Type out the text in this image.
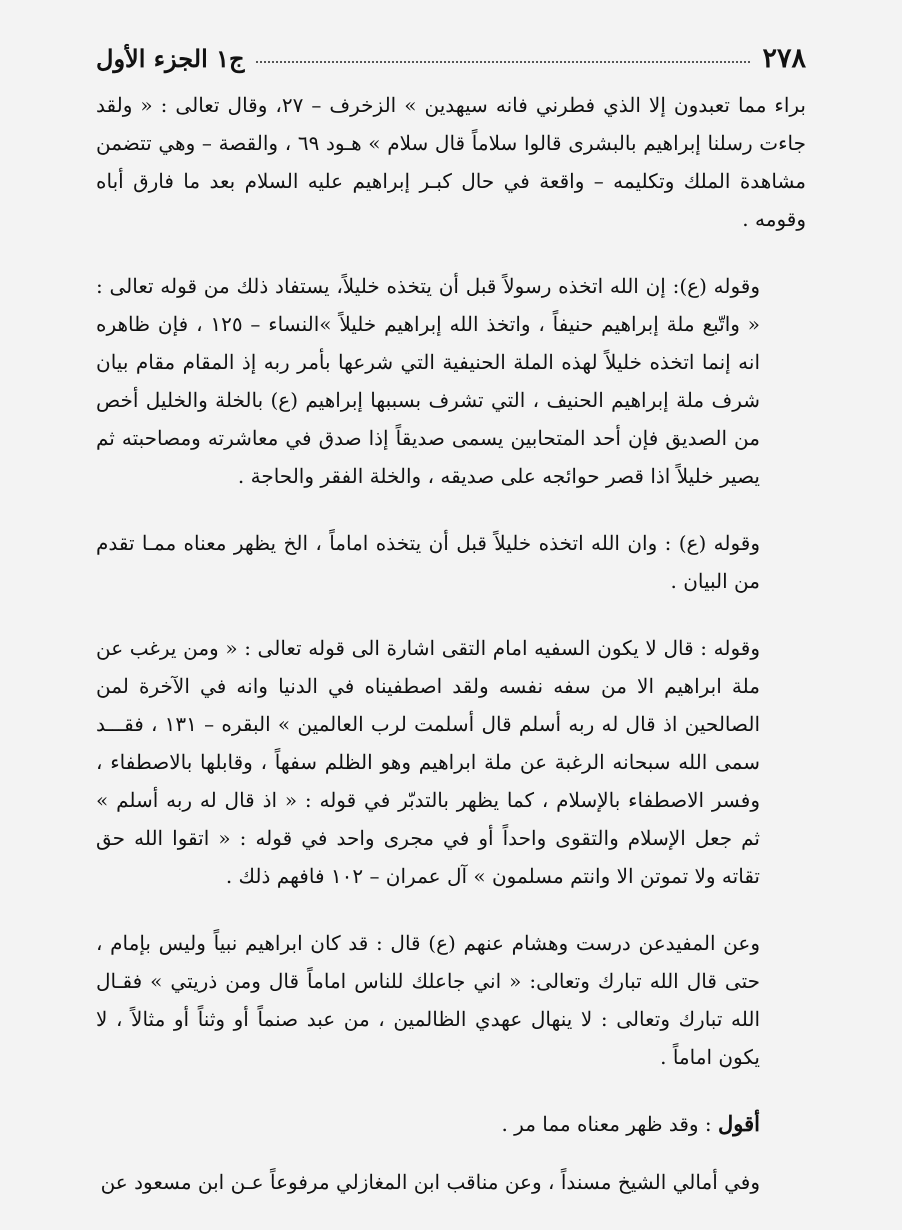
٢٧٨
ج١ الجزء الأول

براء مما تعبدون إلا الذي فطرني فانه سيهدين » الزخرف – ٢٧، وقال تعالى : « ولقد جاءت رسلنا إبراهيم بالبشرى قالوا سلاماً قال سلام » هـود ٦٩ ، والقصة – وهي تتضمن مشاهدة الملك وتكليمه – واقعة في حال كبـر إبراهيم عليه السلام بعد ما فارق أباه وقومه .

وقوله (ع): إن الله اتخذه رسولاً قبل أن يتخذه خليلاً، يستفاد ذلك من قوله تعالى : « واتّبع ملة إبراهيم حنيفاً ، واتخذ الله إبراهيم خليلاً »النساء – ١٢٥ ، فإن ظاهره انه إنما اتخذه خليلاً لهذه الملة الحنيفية التي شرعها بأمر ربه إذ المقام مقام بيان شرف ملة إبراهيم الحنيف ، التي تشرف بسببها إبراهيم (ع) بالخلة والخليل أخص من الصديق فإن أحد المتحابين يسمى صديقاً إذا صدق في معاشرته ومصاحبته ثم يصير خليلاً اذا قصر حوائجه على صديقه ، والخلة الفقر والحاجة .

وقوله (ع) : وان الله اتخذه خليلاً قبل أن يتخذه اماماً ، الخ يظهر معناه ممـا تقدم من البيان .

وقوله : قال لا يكون السفيه امام التقى اشارة الى قوله تعالى : « ومن يرغب عن ملة ابراهيم الا من سفه نفسه ولقد اصطفيناه في الدنيا وانه في الآخرة لمن الصالحين اذ قال له ربه أسلم قال أسلمت لرب العالمين » البقره – ١٣١ ، فقـــد سمى الله سبحانه الرغبة عن ملة ابراهيم وهو الظلم سفهاً ، وقابلها بالاصطفاء ، وفسر الاصطفاء بالإسلام ، كما يظهر بالتدبّر في قوله : « اذ قال له ربه أسلم » ثم جعل الإسلام والتقوى واحداً أو في مجرى واحد في قوله : « اتقوا الله حق تقاته ولا تموتن الا وانتم مسلمون » آل عمران – ١٠٢ فافهم ذلك .

وعن المفيدعن درست وهشام عنهم (ع) قال : قد كان ابراهيم نبياً وليس بإمام ، حتى قال الله تبارك وتعالى: « اني جاعلك للناس اماماً قال ومن ذريتي » فقـال الله تبارك وتعالى : لا ينهال عهدي الظالمين ، من عبد صنماً أو وثناً أو مثالاً ، لا يكون اماماً .

أقول : وقد ظهر معناه مما مر .

وفي أمالي الشيخ مسنداً ، وعن مناقب ابن المغازلي مرفوعاً عـن ابن مسعود عن
